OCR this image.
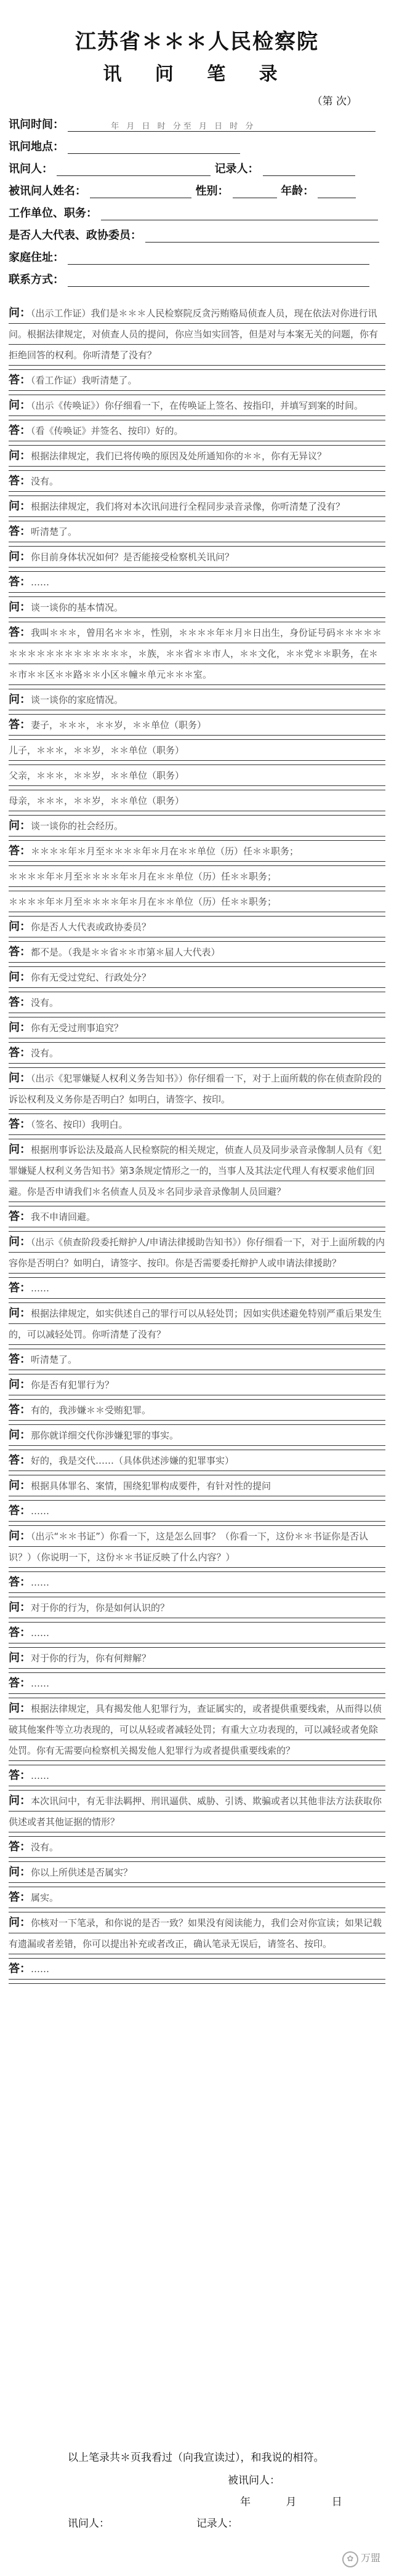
江苏省＊＊＊人民检察院
讯 问 笔 录
（第 次）
讯问时间：	年 月 日 时 分至 月 日 时 分
讯问地点：
讯问人：	记录人：
被讯问人姓名：	性别：	年龄：
工作单位、职务：
是否人大代表、政协委员：
家庭住址：
联系方式：

问：（出示工作证）我们是＊＊＊人民检察院反贪污贿赂局侦查人员，现在依法对你进行讯问。根据法律规定，对侦查人员的提问，你应当如实回答，但是对与本案无关的问题，你有拒绝回答的权利。你听清楚了没有？

答：（看工作证）我听清楚了。

问：（出示《传唤证》）你仔细看一下，在传唤证上签名、按指印，并填写到案的时间。

答：（看《传唤证》并签名、按印）好的。

问：根据法律规定，我们已将传唤的原因及处所通知你的＊＊，你有无异议？

答：没有。

问：根据法律规定，我们将对本次讯问进行全程同步录音录像，你听清楚了没有？

答：听清楚了。

问：你目前身体状况如何？是否能接受检察机关讯问？

答：……

问：谈一谈你的基本情况。

答：我叫＊＊＊，曾用名＊＊＊，性别，＊＊＊＊年＊月＊日出生，身份证号码＊＊＊＊＊＊＊＊＊＊＊＊＊＊＊＊＊＊，＊族，＊＊省＊＊市人，＊＊文化，＊＊党＊＊职务，在＊＊市＊＊区＊＊路＊＊小区＊幢＊单元＊＊＊室。

问：谈一谈你的家庭情况。

答：妻子，＊＊＊，＊＊岁，＊＊单位（职务）

儿子，＊＊＊，＊＊岁，＊＊单位（职务）

父亲，＊＊＊，＊＊岁，＊＊单位（职务）

母亲，＊＊＊，＊＊岁，＊＊单位（职务）

问：谈一谈你的社会经历。

答：＊＊＊＊年＊月至＊＊＊＊年＊月在＊＊单位（历）任＊＊职务；

＊＊＊＊年＊月至＊＊＊＊年＊月在＊＊单位（历）任＊＊职务；

＊＊＊＊年＊月至＊＊＊＊年＊月在＊＊单位（历）任＊＊职务；

问：你是否人大代表或政协委员？

答：都不是。（我是＊＊省＊＊市第＊届人大代表）

问：你有无受过党纪、行政处分？

答：没有。

问：你有无受过刑事追究？

答：没有。

问：（出示《犯罪嫌疑人权利义务告知书》）你仔细看一下，对于上面所载的你在侦查阶段的诉讼权利及义务你是否明白？如明白，请签字、按印。

答：（签名、按印）我明白。

问：根据刑事诉讼法及最高人民检察院的相关规定，侦查人员及同步录音录像制人员有《犯罪嫌疑人权利义务告知书》第3条规定情形之一的，当事人及其法定代理人有权要求他们回避。你是否申请我们＊名侦查人员及＊名同步录音录像制人员回避？

答：我不申请回避。

问：（出示《侦查阶段委托辩护人/申请法律援助告知书》）你仔细看一下，对于上面所载的内容你是否明白？如明白，请签字、按印。你是否需要委托辩护人或申请法律援助？

答：……

问：根据法律规定，如实供述自己的罪行可以从轻处罚；因如实供述避免特别严重后果发生的，可以减轻处罚。你听清楚了没有？

答：听清楚了。

问：你是否有犯罪行为？

答：有的，我涉嫌＊＊受贿犯罪。

问：那你就详细交代你涉嫌犯罪的事实。

答：好的，我是交代……（具体供述涉嫌的犯罪事实）

问：根据具体罪名、案情，围绕犯罪构成要件，有针对性的提问

答：……

问：（出示“＊＊书证”）你看一下，这是怎么回事？（你看一下，这份＊＊书证你是否认识？）（你说明一下，这份＊＊书证反映了什么内容？）

答：……

问：对于你的行为，你是如何认识的？

答：……

问：对于你的行为，你有何辩解？

答：……

问：根据法律规定，具有揭发他人犯罪行为，查证属实的，或者提供重要线索，从而得以侦破其他案件等立功表现的，可以从轻或者减轻处罚；有重大立功表现的，可以减轻或者免除处罚。你有无需要向检察机关揭发他人犯罪行为或者提供重要线索的？

答：……

问：本次讯问中，有无非法羁押、刑讯逼供、威胁、引诱、欺骗或者以其他非法方法获取你供述或者其他证据的情形？

答：没有。

问：你以上所供述是否属实？

答：属实。

问：你核对一下笔录，和你说的是否一致？如果没有阅读能力，我们会对你宣读；如果记载有遗漏或者差错，你可以提出补充或者改正，确认笔录无误后，请签名、按印。

答：……

以上笔录共＊页我看过（向我宣读过），和我说的相符。
被讯问人：
年 月 日
讯问人：	记录人：
✿ 万盟
